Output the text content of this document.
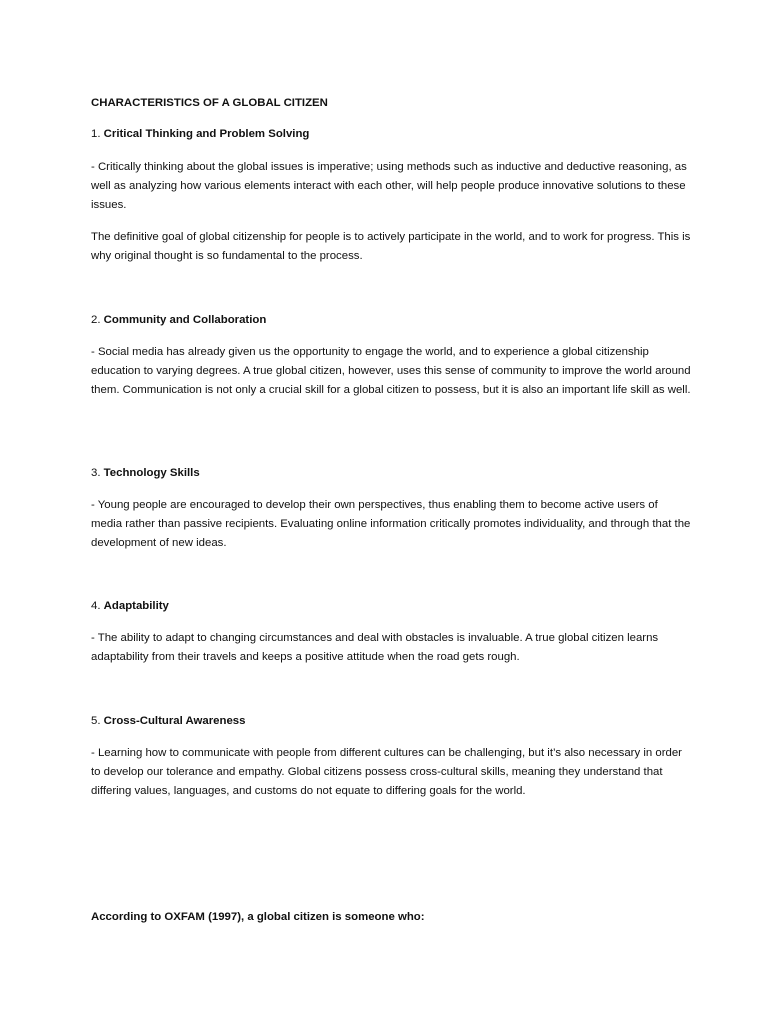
CHARACTERISTICS OF A GLOBAL CITIZEN

1. Critical Thinking and Problem Solving

- Critically thinking about the global issues is imperative; using methods such as inductive and deductive reasoning, as well as analyzing how various elements interact with each other, will help people produce innovative solutions to these issues.

The definitive goal of global citizenship for people is to actively participate in the world, and to work for progress. This is why original thought is so fundamental to the process.

2. Community and Collaboration

- Social media has already given us the opportunity to engage the world, and to experience a global citizenship education to varying degrees. A true global citizen, however, uses this sense of community to improve the world around them. Communication is not only a crucial skill for a global citizen to possess, but it is also an important life skill as well.

3. Technology Skills

- Young people are encouraged to develop their own perspectives, thus enabling them to become active users of media rather than passive recipients. Evaluating online information critically promotes individuality, and through that the development of new ideas.

4. Adaptability

- The ability to adapt to changing circumstances and deal with obstacles is invaluable. A true global citizen learns adaptability from their travels and keeps a positive attitude when the road gets rough.

5. Cross-Cultural Awareness

- Learning how to communicate with people from different cultures can be challenging, but it’s also necessary in order to develop our tolerance and empathy. Global citizens possess cross-cultural skills, meaning they understand that differing values, languages, and customs do not equate to differing goals for the world.

According to OXFAM (1997), a global citizen is someone who:
